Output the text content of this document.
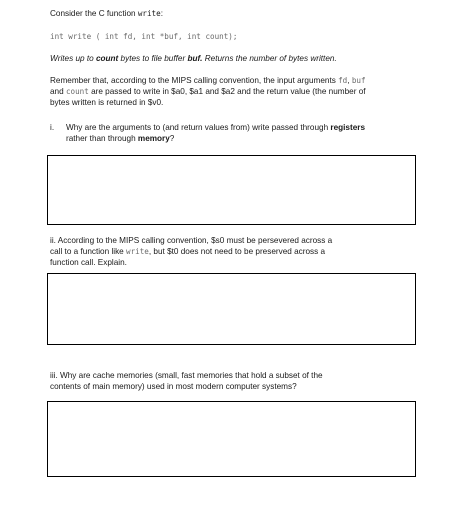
Consider the C function write:
int write ( int fd, int *buf, int count);
Writes up to count bytes to file buffer buf. Returns the number of bytes written.
Remember that, according to the MIPS calling convention, the input arguments fd, buf
and count are passed to write in $a0, $a1 and $a2 and the return value (the number of
bytes written is returned in $v0.
i. Why are the arguments to (and return values from) write passed through registers
rather than through memory?
ii. According to the MIPS calling convention, $s0 must be persevered across a
call to a function like write, but $t0 does not need to be preserved across a
function call. Explain.
iii. Why are cache memories (small, fast memories that hold a subset of the
contents of main memory) used in most modern computer systems?
